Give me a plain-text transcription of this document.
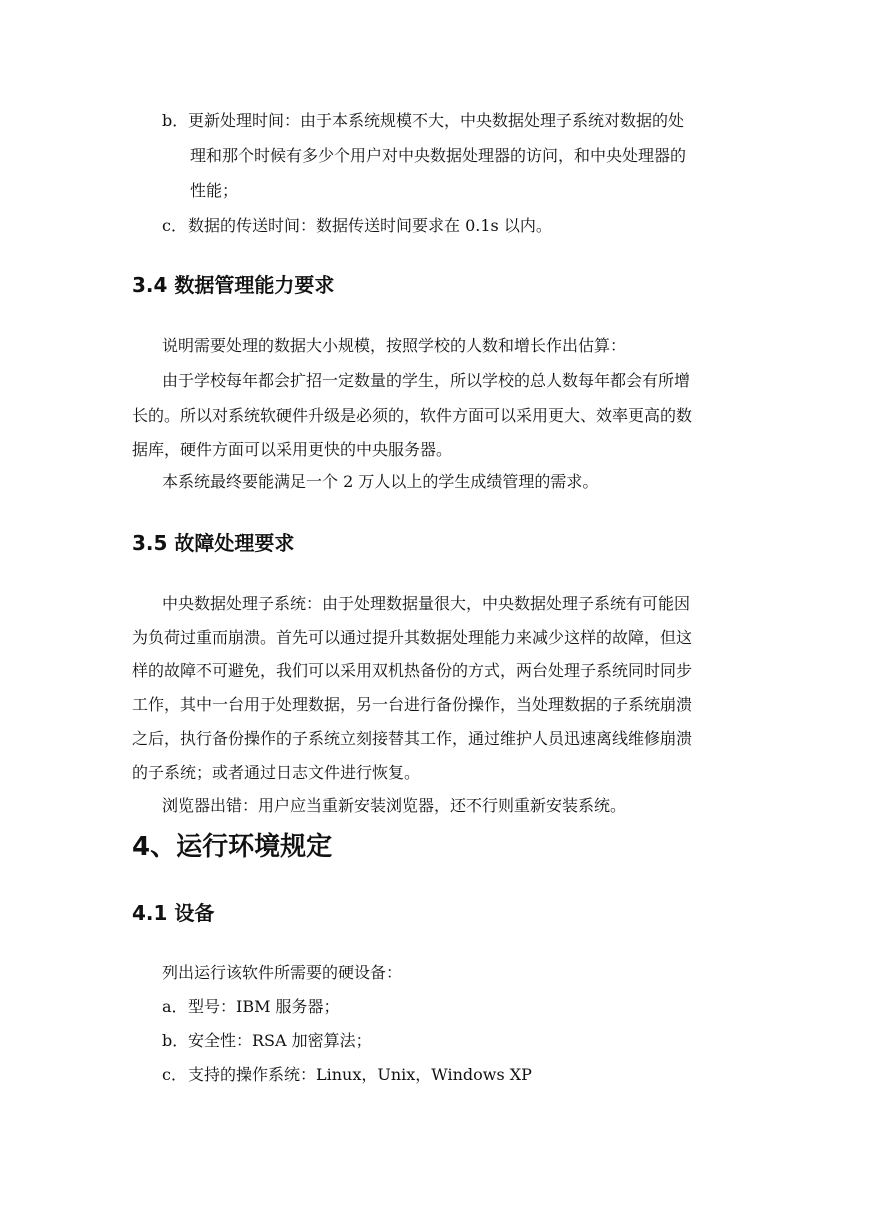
b．更新处理时间：由于本系统规模不大，中央数据处理子系统对数据的处
理和那个时候有多少个用户对中央数据处理器的访问，和中央处理器的
性能；
c．数据的传送时间：数据传送时间要求在 0.1s 以内。
3.4 数据管理能力要求
说明需要处理的数据大小规模，按照学校的人数和增长作出估算：
由于学校每年都会扩招一定数量的学生，所以学校的总人数每年都会有所增
长的。所以对系统软硬件升级是必须的，软件方面可以采用更大、效率更高的数
据库，硬件方面可以采用更快的中央服务器。
本系统最终要能满足一个 2 万人以上的学生成绩管理的需求。
3.5 故障处理要求
中央数据处理子系统：由于处理数据量很大，中央数据处理子系统有可能因
为负荷过重而崩溃。首先可以通过提升其数据处理能力来减少这样的故障，但这
样的故障不可避免，我们可以采用双机热备份的方式，两台处理子系统同时同步
工作，其中一台用于处理数据，另一台进行备份操作，当处理数据的子系统崩溃
之后，执行备份操作的子系统立刻接替其工作，通过维护人员迅速离线维修崩溃
的子系统；或者通过日志文件进行恢复。
浏览器出错：用户应当重新安装浏览器，还不行则重新安装系统。
4、运行环境规定
4.1 设备
列出运行该软件所需要的硬设备：
a．型号：IBM 服务器；
b．安全性：RSA 加密算法；
c．支持的操作系统：Linux，Unix，Windows XP
